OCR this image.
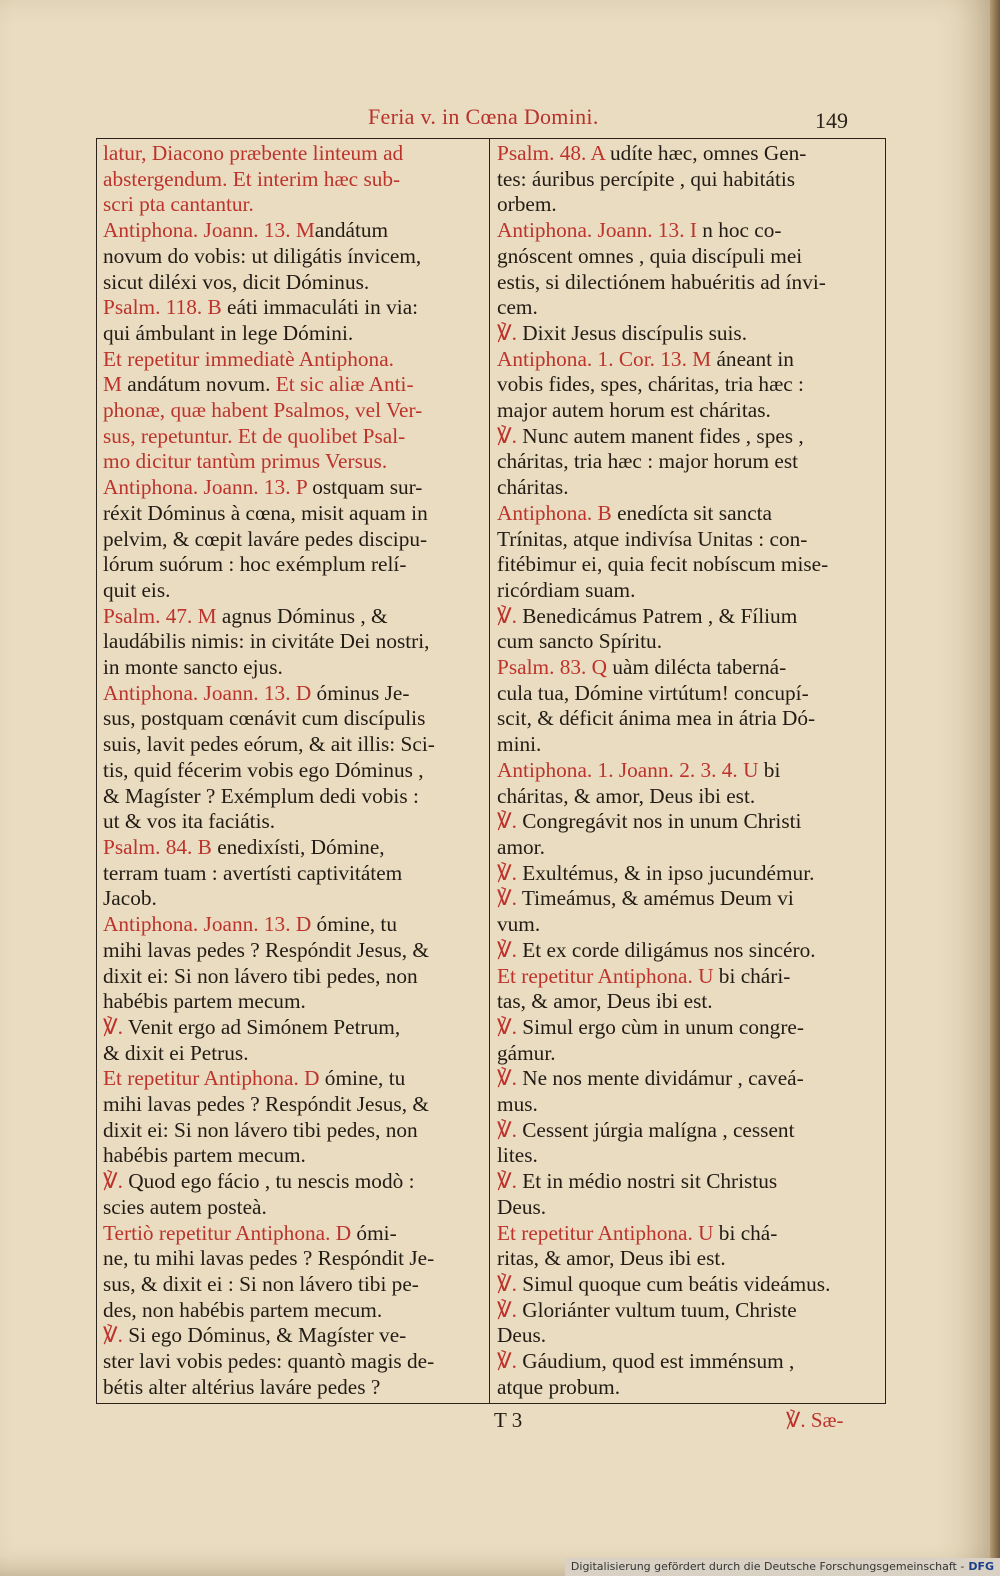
Feria v. in Cœna Domini.	149
latur, Diacono præbente linteum ad
abstergendum. Et interim hæc sub-
scri pta cantantur.
Antiphona. Joann. 13. Mandátum
novum do vobis: ut diligátis ínvicem,
sicut diléxi vos, dicit Dóminus.
Psalm. 118. B eáti immaculáti in via:
qui ámbulant in lege Dómini.
Et repetitur immediatè Antiphona.
M andátum novum. Et sic aliæ Anti-
phonæ, quæ habent Psalmos, vel Ver-
sus, repetuntur. Et de quolibet Psal-
mo dicitur tantùm primus Versus.
Antiphona. Joann. 13. P ostquam sur-
réxit Dóminus à cœna, misit aquam in
pelvim, & cœpit laváre pedes discipu-
lórum suórum : hoc exémplum relí-
quit eis.
Psalm. 47. M agnus Dóminus , &
laudábilis nimis: in civitáte Dei nostri,
in monte sancto ejus.
Antiphona. Joann. 13. D óminus Je-
sus, postquam cœnávit cum discípulis
suis, lavit pedes eórum, & ait illis: Sci-
tis, quid fécerim vobis ego Dóminus ,
& Magíster ? Exémplum dedi vobis :
ut & vos ita faciátis.
Psalm. 84. B enedixísti, Dómine,
terram tuam : avertísti captivitátem
Jacob.
Antiphona. Joann. 13. D ómine, tu
mihi lavas pedes ? Respóndit Jesus, &
dixit ei: Si non lávero tibi pedes, non
habébis partem mecum.
℣. Venit ergo ad Simónem Petrum,
& dixit ei Petrus.
Et repetitur Antiphona. D ómine, tu
mihi lavas pedes ? Respóndit Jesus, &
dixit ei: Si non lávero tibi pedes, non
habébis partem mecum.
℣. Quod ego fácio , tu nescis modò :
scies autem posteà.
Tertiò repetitur Antiphona. D ómi-
ne, tu mihi lavas pedes ? Respóndit Je-
sus, & dixit ei : Si non lávero tibi pe-
des, non habébis partem mecum.
℣. Si ego Dóminus, & Magíster ve-
ster lavi vobis pedes: quantò magis de-
bétis alter altérius laváre pedes ?
Psalm. 48. A udíte hæc, omnes Gen-
tes: áuribus percípite , qui habitátis
orbem.
Antiphona. Joann. 13. I n hoc co-
gnóscent omnes , quia discípuli mei
estis, si dilectiónem habuéritis ad ínvi-
cem.
℣. Dixit Jesus discípulis suis.
Antiphona. 1. Cor. 13. M áneant in
vobis fides, spes, cháritas, tria hæc :
major autem horum est cháritas.
℣. Nunc autem manent fides , spes ,
cháritas, tria hæc : major horum est
cháritas.
Antiphona. B enedícta sit sancta
Trínitas, atque indivísa Unitas : con-
fitébimur ei, quia fecit nobíscum mise-
ricórdiam suam.
℣. Benedicámus Patrem , & Fílium
cum sancto Spíritu.
Psalm. 83. Q uàm diléсta taberná-
cula tua, Dómine virtútum! concupí-
scit, & déficit ánima mea in átria Dó-
mini.
Antiphona. 1. Joann. 2. 3. 4. U bi
cháritas, & amor, Deus ibi est.
℣. Congregávit nos in unum Christi
amor.
℣. Exultémus, & in ipso jucundémur.
℣. Timeámus, & amémus Deum vi
vum.
℣. Et ex corde diligámus nos sincéro.
Et repetitur Antiphona. U bi chári-
tas, & amor, Deus ibi est.
℣. Simul ergo cùm in unum congre-
gámur.
℣. Ne nos mente dividámur , caveá-
mus.
℣. Cessent júrgia malígna , cessent
lites.
℣. Et in médio nostri sit Christus
Deus.
Et repetitur Antiphona. U bi chá-
ritas, & amor, Deus ibi est.
℣. Simul quoque cum beátis videámus.
℣. Gloriánter vultum tuum, Christe
Deus.
℣. Gáudium, quod est imménsum ,
atque probum.
T 3	℣. Sæ-
Digitalisierung gefördert durch die Deutsche Forschungsgemeinschaft - DFG
